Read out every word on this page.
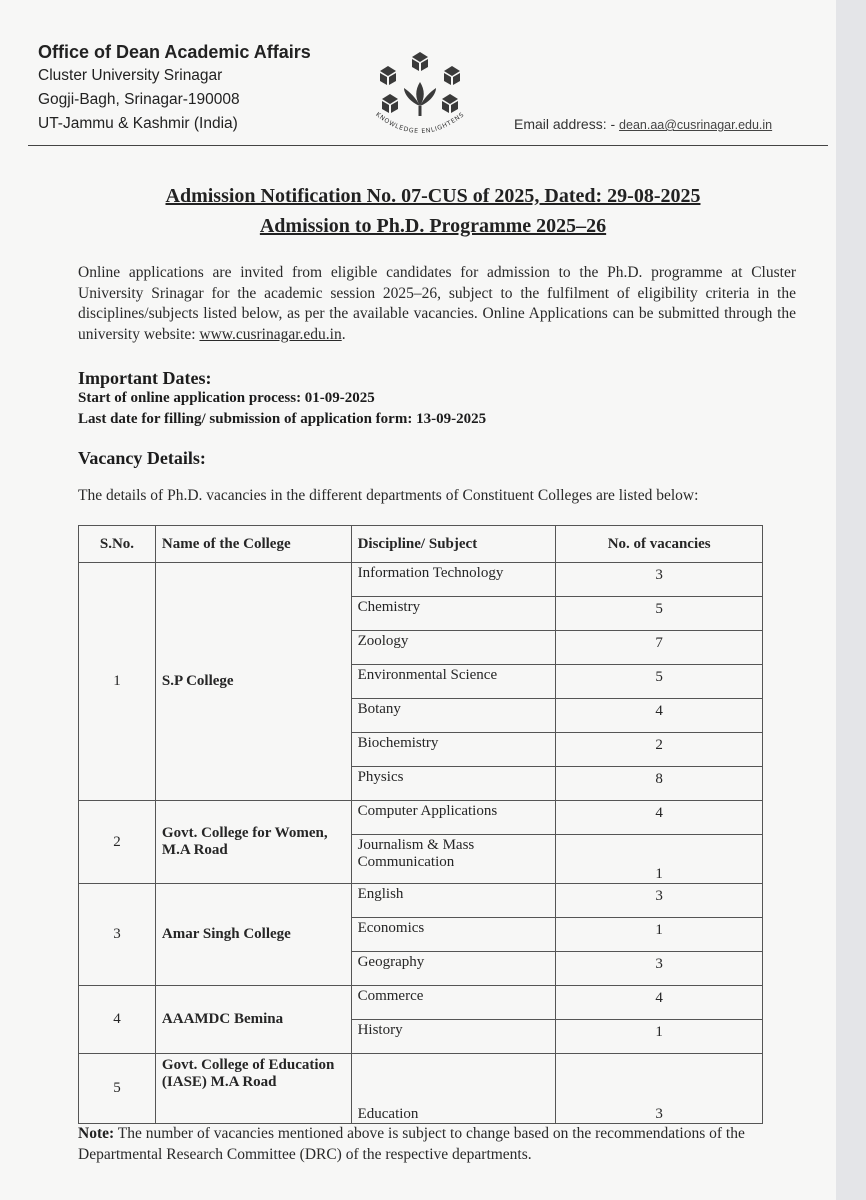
Office of Dean Academic Affairs
Cluster University Srinagar
Gogji-Bagh, Srinagar-190008
UT-Jammu & Kashmir (India)	KNOWLEDGE ENLIGHTENS
Email address: - dean.aa@cusrinagar.edu.in
Admission Notification No. 07-CUS of 2025, Dated: 29-08-2025
Admission to Ph.D. Programme 2025–26
Online applications are invited from eligible candidates for admission to the Ph.D. programme at Cluster University Srinagar for the academic session 2025–26, subject to the fulfilment of eligibility criteria in the disciplines/subjects listed below, as per the available vacancies. Online Applications can be submitted through the university website: www.cusrinagar.edu.in.
Important Dates:
Start of online application process: 01-09-2025
Last date for filling/ submission of application form: 13-09-2025
Vacancy Details:
The details of Ph.D. vacancies in the different departments of Constituent Colleges are listed below:
S.No.	Name of the College	Discipline/ Subject	No. of vacancies
1	S.P College	Information Technology	3
		Chemistry	5
		Zoology	7
		Environmental Science	5
		Botany	4
		Biochemistry	2
		Physics	8
2	Govt. College for Women, M.A Road	Computer Applications	4
		Journalism & Mass Communication	1
3	Amar Singh College	English	3
		Economics	1
		Geography	3
4	AAAMDC Bemina	Commerce	4
		History	1
5	Govt. College of Education (IASE) M.A Road	Education	3
Note: The number of vacancies mentioned above is subject to change based on the recommendations of the Departmental Research Committee (DRC) of the respective departments.
